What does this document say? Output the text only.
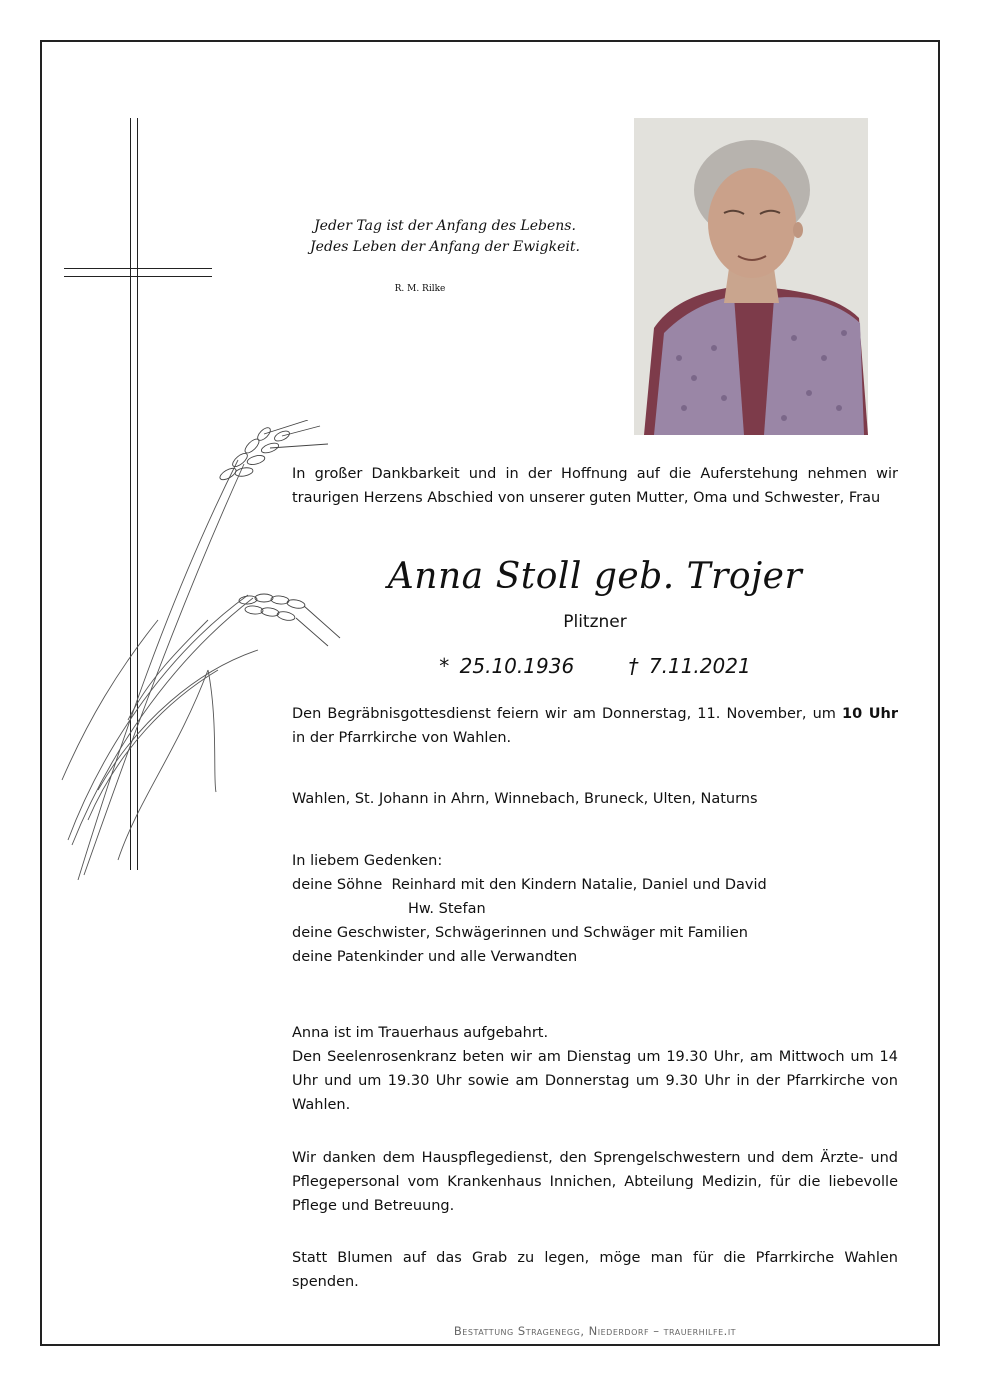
Jeder Tag ist der Anfang des Lebens.
Jedes Leben der Anfang der Ewigkeit.
R. M. Rilke
In großer Dankbarkeit und in der Hoffnung auf die Auferstehung nehmen wir traurigen Herzens Abschied von unserer guten Mutter, Oma und Schwester, Frau
Anna Stoll geb. Trojer
Plitzner
* 25.10.1936	† 7.11.2021
Den Begräbnisgottesdienst feiern wir am Donnerstag, 11. November, um 10 Uhr in der Pfarrkirche von Wahlen.
Wahlen, St. Johann in Ahrn, Winnebach, Bruneck, Ulten, Naturns
In liebem Gedenken:
deine Söhne Reinhard mit den Kindern Natalie, Daniel und David
Hw. Stefan
deine Geschwister, Schwägerinnen und Schwäger mit Familien
deine Patenkinder und alle Verwandten
Anna ist im Trauerhaus aufgebahrt.
Den Seelenrosenkranz beten wir am Dienstag um 19.30 Uhr, am Mittwoch um 14 Uhr und um 19.30 Uhr sowie am Donnerstag um 9.30 Uhr in der Pfarrkirche von Wahlen.
Wir danken dem Hauspflegedienst, den Sprengelschwestern und dem Ärzte- und Pflegepersonal vom Krankenhaus Innichen, Abteilung Medizin, für die liebevolle Pflege und Betreuung.
Statt Blumen auf das Grab zu legen, möge man für die Pfarrkirche Wahlen spenden.
Bestattung Stragenegg, Niederdorf – trauerhilfe.it
